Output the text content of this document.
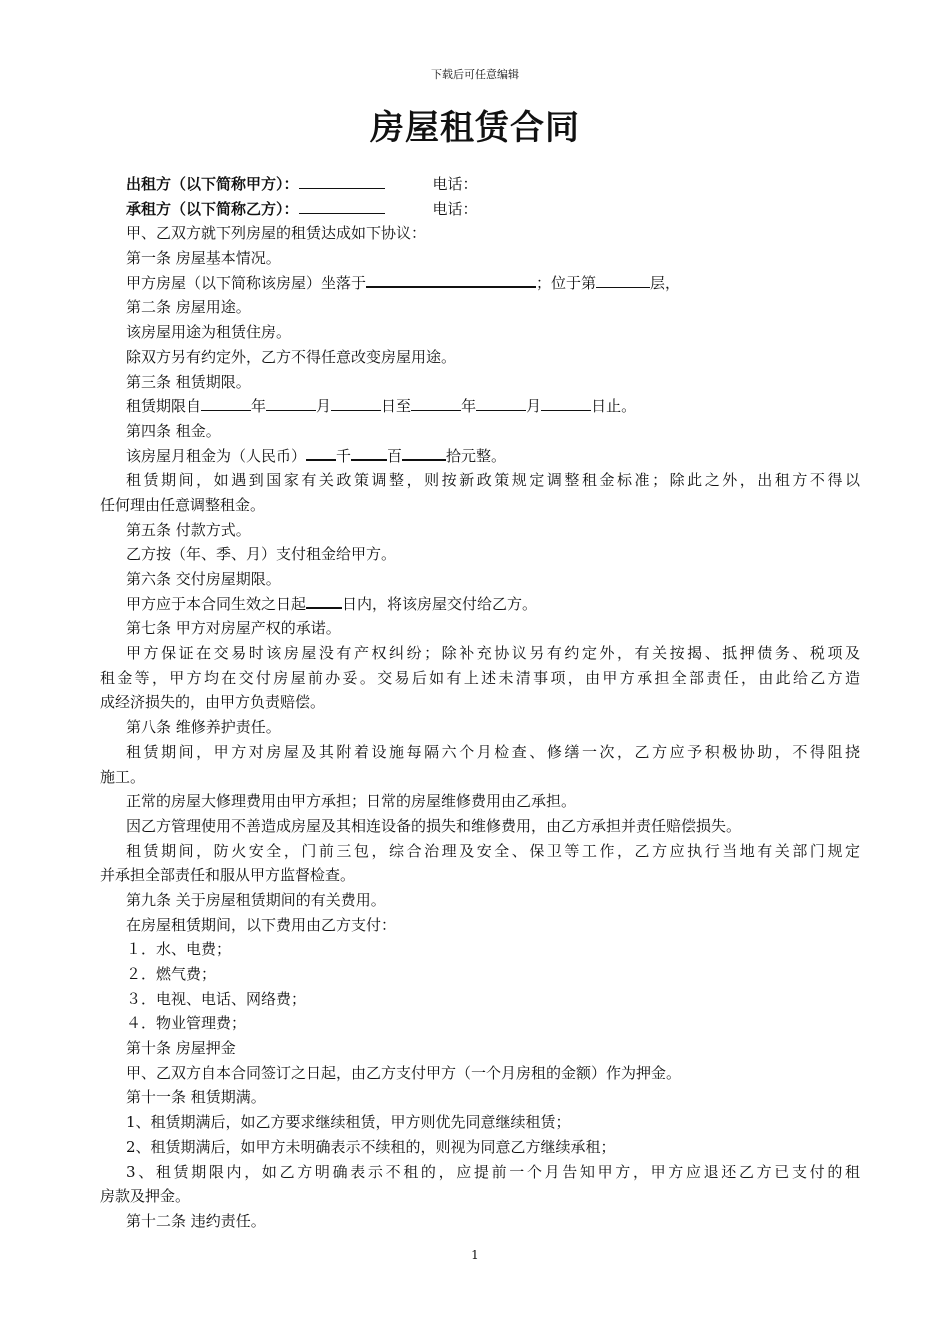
下载后可任意编辑
房屋租赁合同
出租方（以下简称甲方）：	电话：
承租方（以下简称乙方）：	电话：
甲、乙双方就下列房屋的租赁达成如下协议：
第一条 房屋基本情况。
甲方房屋（以下简称该房屋）坐落于	；位于第	层，
第二条 房屋用途。
该房屋用途为租赁住房。
除双方另有约定外，乙方不得任意改变房屋用途。
第三条 租赁期限。
租赁期限自	年	月	日至	年	月	日止。
第四条 租金。
该房屋月租金为（人民币） 千 百	拾元整。
租赁期间，如遇到国家有关政策调整，则按新政策规定调整租金标准；除此之外，出租方不得以
任何理由任意调整租金。
第五条 付款方式。
乙方按（年、季、月）支付租金给甲方。
第六条 交付房屋期限。
甲方应于本合同生效之日起 日内，将该房屋交付给乙方。
第七条 甲方对房屋产权的承诺。
甲方保证在交易时该房屋没有产权纠纷；除补充协议另有约定外，有关按揭、抵押债务、税项及
租金等，甲方均在交付房屋前办妥。交易后如有上述未清事项，由甲方承担全部责任，由此给乙方造
成经济损失的，由甲方负责赔偿。
第八条 维修养护责任。
租赁期间，甲方对房屋及其附着设施每隔六个月检查、修缮一次，乙方应予积极协助，不得阻挠
施工。
正常的房屋大修理费用由甲方承担；日常的房屋维修费用由乙承担。
因乙方管理使用不善造成房屋及其相连设备的损失和维修费用，由乙方承担并责任赔偿损失。
租赁期间，防火安全，门前三包，综合治理及安全、保卫等工作，乙方应执行当地有关部门规定
并承担全部责任和服从甲方监督检查。
第九条 关于房屋租赁期间的有关费用。
在房屋租赁期间，以下费用由乙方支付：
１．水、电费；
２．燃气费；
３．电视、电话、网络费；
４．物业管理费；
第十条 房屋押金
甲、乙双方自本合同签订之日起，由乙方支付甲方（一个月房租的金额）作为押金。
第十一条 租赁期满。
1、租赁期满后，如乙方要求继续租赁，甲方则优先同意继续租赁；
2、租赁期满后，如甲方未明确表示不续租的，则视为同意乙方继续承租；
3、租赁期限内，如乙方明确表示不租的，应提前一个月告知甲方，甲方应退还乙方已支付的租
房款及押金。
第十二条 违约责任。
1
